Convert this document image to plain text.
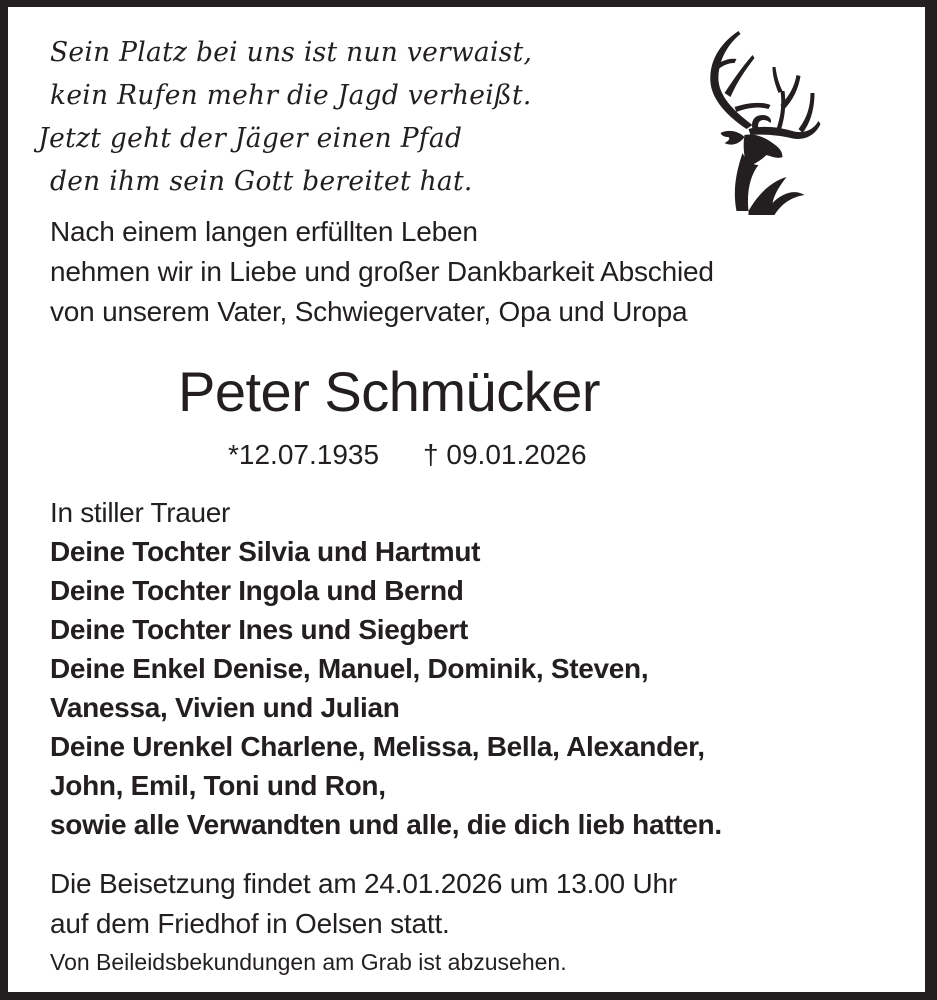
Sein Platz bei uns ist nun verwaist,
kein Rufen mehr die Jagd verheißt.
Jetzt geht der Jäger einen Pfad
den ihm sein Gott bereitet hat.
Nach einem langen erfüllten Leben
nehmen wir in Liebe und großer Dankbarkeit Abschied
von unserem Vater, Schwiegervater, Opa und Uropa
Peter Schmücker
*12.07.1935 † 09.01.2026
In stiller Trauer
Deine Tochter Silvia und Hartmut
Deine Tochter Ingola und Bernd
Deine Tochter Ines und Siegbert
Deine Enkel Denise, Manuel, Dominik, Steven,
Vanessa, Vivien und Julian
Deine Urenkel Charlene, Melissa, Bella, Alexander,
John, Emil, Toni und Ron,
sowie alle Verwandten und alle, die dich lieb hatten.
Die Beisetzung findet am 24.01.2026 um 13.00 Uhr
auf dem Friedhof in Oelsen statt.
Von Beileidsbekundungen am Grab ist abzusehen.
